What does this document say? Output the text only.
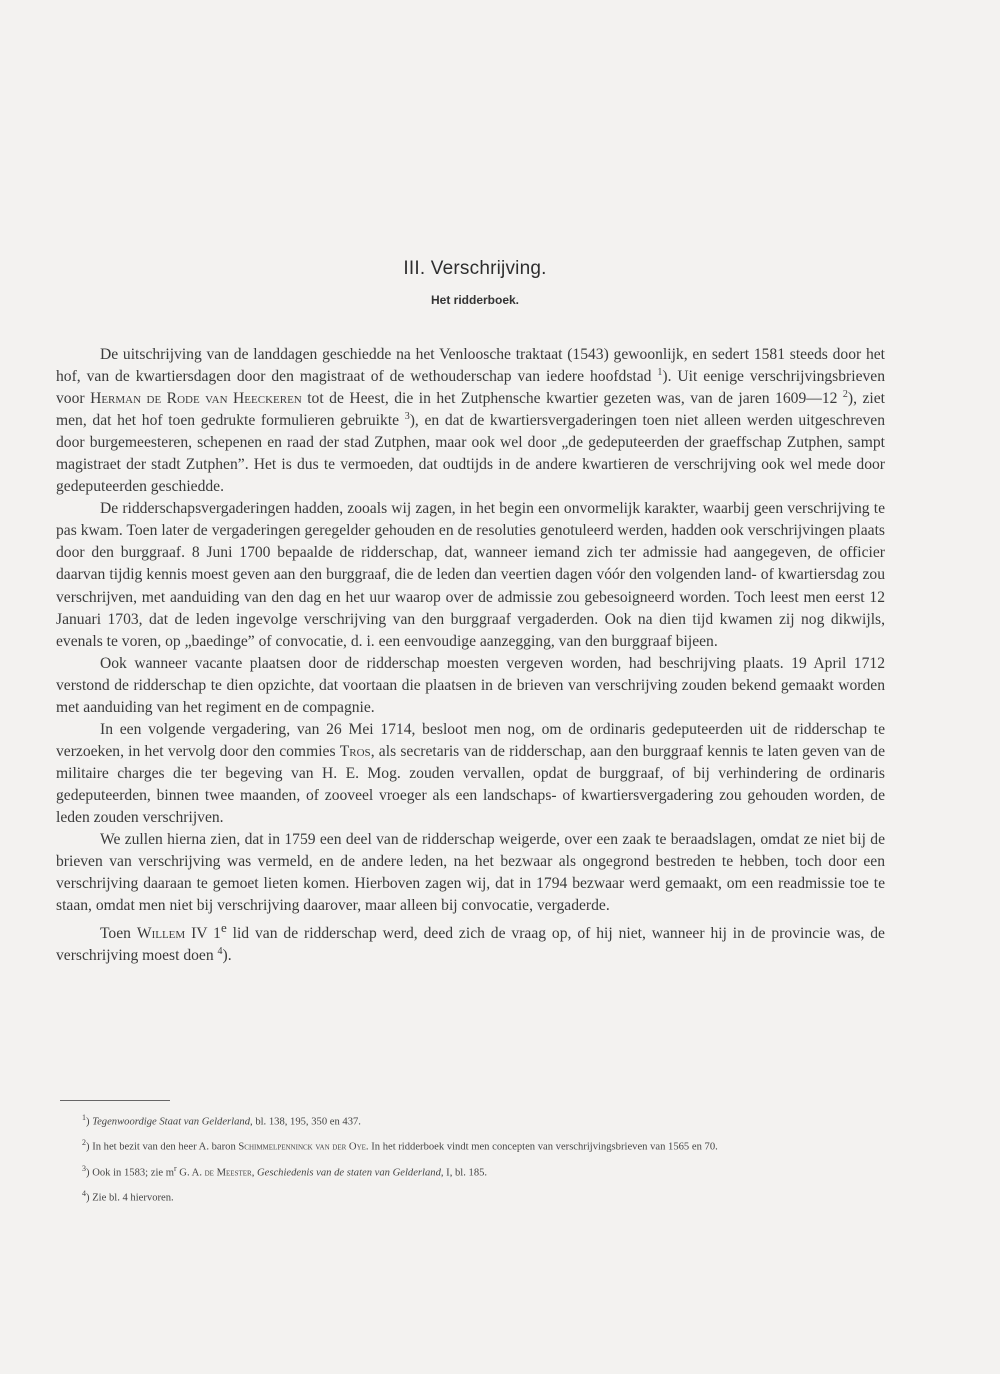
III. Verschrijving.
Het ridderboek.

De uitschrijving van de landdagen geschiedde na het Venloosche traktaat (1543) gewoonlijk, en sedert 1581 steeds door het hof, van de kwartiersdagen door den magistraat of de wethouderschap van iedere hoofdstad $^1$). Uit eenige verschrijvingsbrieven voor Herman de Rode van Heeckeren tot de Heest, die in het Zutphensche kwartier gezeten was, van de jaren 1609—12 $^2$), ziet men, dat het hof toen gedrukte formulieren gebruikte $^3$), en dat de kwartiersvergaderingen toen niet alleen werden uitgeschreven door burgemeesteren, schepenen en raad der stad Zutphen, maar ook wel door „de gedeputeerden der graeffschap Zutphen, sampt magistraet der stadt Zutphen”. Het is dus te vermoeden, dat oudtijds in de andere kwartieren de verschrijving ook wel mede door gedeputeerden geschiedde.

De ridderschapsvergaderingen hadden, zooals wij zagen, in het begin een onvormelijk karakter, waarbij geen verschrijving te pas kwam. Toen later de vergaderingen geregelder gehouden en de resoluties genotuleerd werden, hadden ook verschrijvingen plaats door den burggraaf. 8 Juni 1700 bepaalde de ridderschap, dat, wanneer iemand zich ter admissie had aangegeven, de officier daarvan tijdig kennis moest geven aan den burggraaf, die de leden dan veertien dagen vóór den volgenden land- of kwartiersdag zou verschrijven, met aanduiding van den dag en het uur waarop over de admissie zou gebesoigneerd worden. Toch leest men eerst 12 Januari 1703, dat de leden ingevolge verschrijving van den burggraaf vergaderden. Ook na dien tijd kwamen zij nog dikwijls, evenals te voren, op „baedinge” of convocatie, d. i. een eenvoudige aanzegging, van den burggraaf bijeen.

Ook wanneer vacante plaatsen door de ridderschap moesten vergeven worden, had beschrijving plaats. 19 April 1712 verstond de ridderschap te dien opzichte, dat voortaan die plaatsen in de brieven van verschrijving zouden bekend gemaakt worden met aanduiding van het regiment en de compagnie.

In een volgende vergadering, van 26 Mei 1714, besloot men nog, om de ordinaris gedeputeerden uit de ridderschap te verzoeken, in het vervolg door den commies Tros, als secretaris van de ridderschap, aan den burggraaf kennis te laten geven van de militaire charges die ter begeving van H. E. Mog. zouden vervallen, opdat de burggraaf, of bij verhindering de ordinaris gedeputeerden, binnen twee maanden, of zooveel vroeger als een landschaps- of kwartiersvergadering zou gehouden worden, de leden zouden verschrijven.

We zullen hierna zien, dat in 1759 een deel van de ridderschap weigerde, over een zaak te beraadslagen, omdat ze niet bij de brieven van verschrijving was vermeld, en de andere leden, na het bezwaar als ongegrond bestreden te hebben, toch door een verschrijving daaraan te gemoet lieten komen. Hierboven zagen wij, dat in 1794 bezwaar werd gemaakt, om een readmissie toe te staan, omdat men niet bij verschrijving daarover, maar alleen bij convocatie, vergaderde.

Toen Willem IV 1e lid van de ridderschap werd, deed zich de vraag op, of hij niet, wanneer hij in de provincie was, de verschrijving moest doen $^4$).

$^1$) Tegenwoordige Staat van Gelderland, bl. 138, 195, 350 en 437.
$^2$) In het bezit van den heer A. baron Schimmelpenninck van der Oye. In het ridderboek vindt men concepten van verschrijvingsbrieven van 1565 en 70.
$^3$) Ook in 1583; zie $m^r$ G. A. de Meester, Geschiedenis van de staten van Gelderland, I, bl. 185.
$^4$) Zie bl. 4 hiervoren.
